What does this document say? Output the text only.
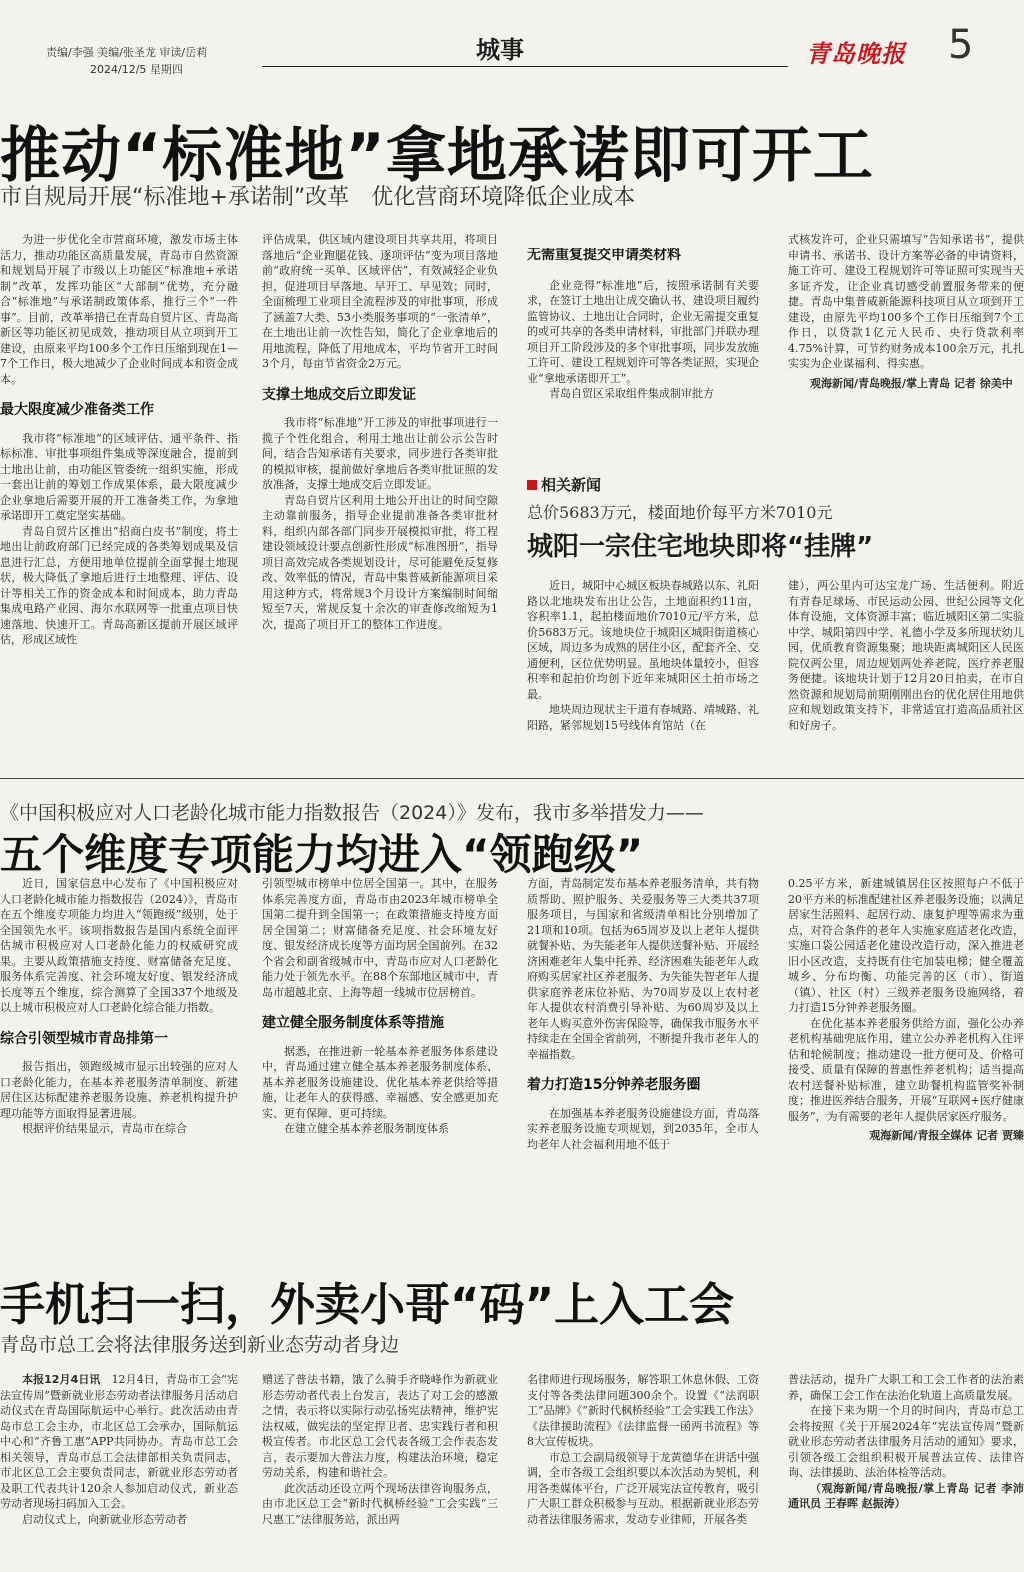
责编/李强 美编/张圣龙 审读/岳莉
2024/12/5 星期四
城事	青岛晚报 5
推动“标准地”拿地承诺即可开工
市自规局开展“标准地+承诺制”改革　优化营商环境降低企业成本

为进一步优化全市营商环境，激发市场主体活力，推动功能区高质量发展，青岛市自然资源和规划局开展了市级以上功能区“标准地+承诺制”改革，发挥功能区“大部制”优势，充分融合“标准地”与承诺制政策体系，推行三个“一件事”。目前，改革举措已在青岛自贸片区、青岛高新区等功能区初见成效，推动项目从立项到开工建设，由原来平均100多个工作日压缩到现在1—7个工作日，极大地减少了企业时间成本和资金成本。

最大限度减少准备类工作

我市将“标准地”的区域评估、通平条件、指标标准、审批事项组件集成等深度融合，提前到土地出让前，由功能区管委统一组织实施，形成一套出让前的筹划工作成果体系，最大限度减少企业拿地后需要开展的开工准备类工作，为拿地承诺即开工奠定坚实基础。

青岛自贸片区推出“招商白皮书”制度，将土地出让前政府部门已经完成的各类筹划成果及信息进行汇总，方便用地单位提前全面掌握土地现状，极大降低了拿地后进行土地整理、评估、设计等相关工作的资金成本和时间成本，助力青岛集成电路产业园、海尔水联网等一批重点项目快速落地、快速开工。青岛高新区提前开展区域评估，形成区域性

评估成果，供区域内建设项目共享共用，将项目落地后“企业跑腿花钱、逐项评估”变为项目落地前“政府统一买单、区域评估”，有效减轻企业负担，促进项目早落地、早开工、早见效；同时，全面梳理工业项目全流程涉及的审批事项，形成了涵盖7大类、53小类服务事项的“一张清单”，在土地出让前一次性告知，简化了企业拿地后的用地流程，降低了用地成本，平均节省开工时间3个月，每亩节省资金2万元。

支撑土地成交后立即发证

我市将“标准地”开工涉及的审批事项进行一揽子个性化组合，利用土地出让前公示公告时间，结合告知承诺有关要求，同步进行各类审批的模拟审核，提前做好拿地后各类审批证照的发放准备，支撑土地成交后立即发证。

青岛自贸片区利用土地公开出让的时间空隙主动靠前服务，指导企业提前准备各类审批材料，组织内部各部门同步开展模拟审批，将工程建设领域设计要点创新性形成“标准图册”，指导项目高效完成各类规划设计，尽可能避免反复修改、效率低的情况，青岛中集普威新能源项目采用这种方式，将常规3个月设计方案编制时间缩短至7天，常规反复十余次的审查修改缩短为1次，提高了项目开工的整体工作进度。

无需重复提交申请类材料

企业竞得“标准地”后，按照承诺制有关要求，在签订土地出让成交确认书、建设项目履约监管协议、土地出让合同时，企业无需提交重复的或可共享的各类申请材料，审批部门并联办理项目开工阶段涉及的多个审批事项，同步发放施工许可、建设工程规划许可等各类证照，实现企业“拿地承诺即开工”。

青岛自贸区采取组件集成制审批方

式核发许可，企业只需填写“告知承诺书”，提供申请书、承诺书、设计方案等必备的申请资料，施工许可、建设工程规划许可等证照可实现当天多证齐发，让企业真切感受前置服务带来的便捷。青岛中集普威新能源科技项目从立项到开工建设，由原先平均100多个工作日压缩到7个工作日，以贷款1亿元人民币、央行贷款利率4.75%计算，可节约财务成本100余万元，扎扎实实为企业谋福利、得实惠。

观海新闻/青岛晚报/掌上青岛 记者 徐美中

相关新闻
总价5683万元，楼面地价每平方米7010元
城阳一宗住宅地块即将“挂牌”

近日，城阳中心城区板块春城路以东、礼阳路以北地块发布出让公告，土地面积约11亩，容积率1.1，起拍楼面地价7010元/平方米，总价5683万元。该地块位于城阳区城阳街道核心区域，周边多为成熟的居住小区，配套齐全、交通便利，区位优势明显。虽地块体量较小，但容积率和起拍价均创下近年来城阳区土拍市场之最。

地块周边现状主干道有春城路、靖城路、礼阳路，紧邻规划15号线体育馆站（在

建），两公里内可达宝龙广场、生活便利。附近有青春足球场、市民运动公园、世纪公园等文化体育设施，文体资源丰富；临近城阳区第二实验中学、城阳第四中学、礼德小学及多所现状幼儿园，优质教育资源集聚；地块距离城阳区人民医院仅两公里，周边规划两处养老院，医疗养老服务便捷。该地块计划于12月20日拍卖，在市自然资源和规划局前期刚刚出台的优化居住用地供应和规划政策支持下，非常适宜打造高品质社区和好房子。

《中国积极应对人口老龄化城市能力指数报告（2024）》发布，我市多举措发力——
五个维度专项能力均进入“领跑级”

近日，国家信息中心发布了《中国积极应对人口老龄化城市能力指数报告（2024）》，青岛市在五个维度专项能力均进入“领跑级”级别，处于全国领先水平。该项指数报告是国内系统全面评估城市积极应对人口老龄化能力的权威研究成果。主要从政策措施支持度、财富储备充足度、服务体系完善度、社会环境友好度、银发经济成长度等五个维度，综合测算了全国337个地级及以上城市积极应对人口老龄化综合能力指数。

综合引领型城市青岛排第一

报告指出，领跑级城市显示出较强的应对人口老龄化能力，在基本养老服务清单制度、新建居住区达标配建养老服务设施、养老机构提升护理功能等方面取得显著进展。

根据评价结果显示，青岛市在综合

引领型城市榜单中位居全国第一。其中，在服务体系完善度方面，青岛市由2023年城市榜单全国第二提升到全国第一；在政策措施支持度方面居全国第二；财富储备充足度、社会环境友好度、银发经济成长度等方面均居全国前列。在32个省会和副省级城市中，青岛市应对人口老龄化能力处于领先水平。在88个东部地区城市中，青岛市超越北京、上海等超一线城市位居榜首。

建立健全服务制度体系等措施

据悉，在推进新一轮基本养老服务体系建设中，青岛通过建立健全基本养老服务制度体系、基本养老服务设施建设、优化基本养老供给等措施，让老年人的获得感、幸福感、安全感更加充实、更有保障、更可持续。

在建立健全基本养老服务制度体系

方面，青岛制定发布基本养老服务清单，共有物质帮助、照护服务、关爱服务等三大类共37项服务项目，与国家和省级清单相比分别增加了21项和10项。包括为65周岁及以上老年人提供就餐补贴、为失能老年人提供送餐补贴、开展经济困难老年人集中托养、经济困难失能老年人政府购买居家社区养老服务、为失能失智老年人提供家庭养老床位补贴、为70周岁及以上农村老年人提供农村消费引导补贴、为60周岁及以上老年人购买意外伤害保险等，确保我市服务水平持续走在全国全省前列，不断提升我市老年人的幸福指数。

着力打造15分钟养老服务圈

在加强基本养老服务设施建设方面，青岛落实养老服务设施专项规划，到2035年，全市人均老年人社会福利用地不低于

0.25平方米，新建城镇居住区按照每户不低于20平方米的标准配建社区养老服务设施；以满足居家生活照料、起居行动、康复护理等需求为重点，对符合条件的老年人实施家庭适老化改造，实施口袋公园适老化建设改造行动，深入推进老旧小区改造，支持既有住宅加装电梯；健全覆盖城乡、分布均衡、功能完善的区（市）、街道（镇）、社区（村）三级养老服务设施网络，着力打造15分钟养老服务圈。

在优化基本养老服务供给方面，强化公办养老机构基础兜底作用，建立公办养老机构入住评估和轮候制度；推动建设一批方便可及、价格可接受、质量有保障的普惠性养老机构；适当提高农村送餐补贴标准，建立助餐机构监管奖补制度；推进医养结合服务，开展“互联网+医疗健康服务”，为有需要的老年人提供居家医疗服务。

观海新闻/青报全媒体 记者 贾臻

手机扫一扫，外卖小哥“码”上入工会
青岛市总工会将法律服务送到新业态劳动者身边

本报12月4日讯　 12月4日，青岛市工会“宪法宣传周”暨新就业形态劳动者法律服务月活动启动仪式在青岛国际航运中心举行。此次活动由青岛市总工会主办，市北区总工会承办，国际航运中心和“齐鲁工惠”APP共同协办。青岛市总工会相关领导，青岛市总工会法律部相关负责同志，市北区总工会主要负责同志，新就业形态劳动者及职工代表共计120余人参加启动仪式，新业态劳动者现场扫码加入工会。

启动仪式上，向新就业形态劳动者

赠送了普法书籍，饿了么骑手齐晓峰作为新就业形态劳动者代表上台发言，表达了对工会的感激之情，表示将以实际行动弘扬宪法精神，维护宪法权威，做宪法的坚定捍卫者、忠实践行者和积极宣传者。市北区总工会代表各级工会作表态发言，表示要加大普法力度，构建法治环境，稳定劳动关系，构建和谐社会。

此次活动还设立两个现场法律咨询服务点，由市北区总工会“新时代枫桥经验”工会实践“三尺惠工”法律服务站，派出两

名律师进行现场服务，解答职工休息休假、工资支付等各类法律问题300余个。设置《“法润职工”品牌》《“新时代枫桥经验”工会实践工作法》《法律援助流程》《法律监督一函两书流程》等8大宣传板块。

市总工会副局级领导于龙黄德华在讲话中强调，全市各级工会组织要以本次活动为契机，利用各类媒体平台，广泛开展宪法宣传教育，吸引广大职工群众积极参与互动。根据新就业形态劳动者法律服务需求，发动专业律师，开展各类

普法活动，提升广大职工和工会工作者的法治素养，确保工会工作在法治化轨道上高质量发展。

在接下来为期一个月的时间内，青岛市总工会将按照《关于开展2024年“宪法宣传周”暨新就业形态劳动者法律服务月活动的通知》要求，引领各级工会组织积极开展普法宣传、法律咨询、法律援助、法治体检等活动。

（观海新闻/青岛晚报/掌上青岛 记者 李沛 通讯员 王春晖 赵振涛）
